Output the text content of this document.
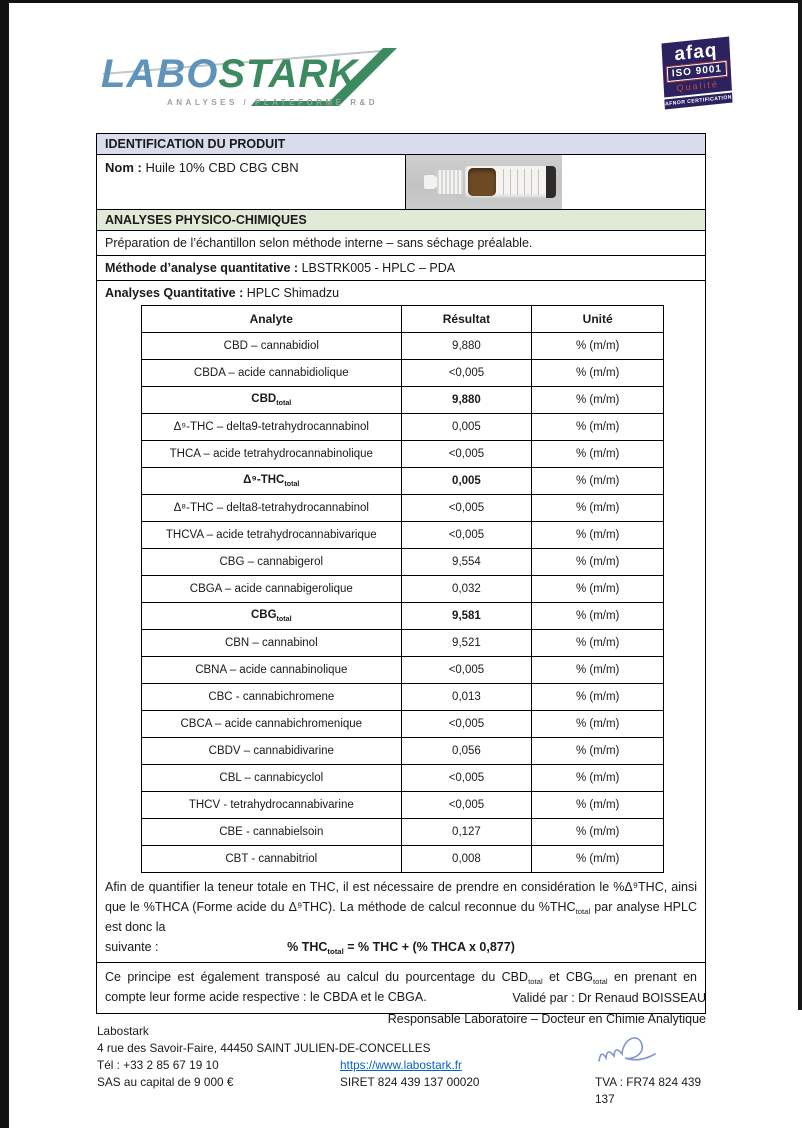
LABOSTARK
ANALYSES / PLATEFORME R&D
afaq
ISO 9001
Qualité
AFNOR CERTIFICATION
IDENTIFICATION DU PRODUIT
Nom : Huile 10% CBD CBG CBN
ANALYSES PHYSICO-CHIMIQUES
Préparation de l’échantillon selon méthode interne – sans séchage préalable.
Méthode d’analyse quantitative : LBSTRK005 - HPLC – PDA
Analyses Quantitative : HPLC Shimadzu
Analyte	Résultat	Unité
CBD – cannabidiol	9,880	% (m/m)
CBDA – acide cannabidiolique	<0,005	% (m/m)
$CBD_{total}$	9,880	% (m/m)
Δ⁹-THC – delta9-tetrahydrocannabinol	0,005	% (m/m)
THCA – acide tetrahydrocannabinolique	<0,005	% (m/m)
$\Delta^9-THC_{total}$	0,005	% (m/m)
Δ⁸-THC – delta8-tetrahydrocannabinol	<0,005	% (m/m)
THCVA – acide tetrahydrocannabivarique	<0,005	% (m/m)
CBG – cannabigerol	9,554	% (m/m)
CBGA – acide cannabigerolique	0,032	% (m/m)
$CBG_{total}$	9,581	% (m/m)
CBN – cannabinol	9,521	% (m/m)
CBNA – acide cannabinolique	<0,005	% (m/m)
CBC - cannabichromene	0,013	% (m/m)
CBCA – acide cannabichromenique	<0,005	% (m/m)
CBDV – cannabidivarine	0,056	% (m/m)
CBL – cannabicyclol	<0,005	% (m/m)
THCV - tetrahydrocannabivarine	<0,005	% (m/m)
CBE - cannabielsoin	0,127	% (m/m)
CBT - cannabitriol	0,008	% (m/m)
Afin de quantifier la teneur totale en THC, il est nécessaire de prendre en considération le %Δ⁹THC, ainsi que le %THCA (Forme acide du Δ⁹THC). La méthode de calcul reconnue du $\%THC_{total}$ par analyse HPLC est donc la
suivante :	% $THC_{total}$ = % THC + (% THCA x 0,877)
Ce principe est également transposé au calcul du pourcentage du $CBD_{total}$ et $CBG_{total}$ en prenant en compte leur forme acide respective : le CBDA et le CBGA.	Validé par : Dr Renaud BOISSEAU
Responsable Laboratoire – Docteur en Chimie Analytique
Labostark
4 rue des Savoir-Faire, 44450 SAINT JULIEN-DE-CONCELLES
Tél : +33 2 85 67 19 10	https://www.labostark.fr
SAS au capital de 9 000 €	SIRET 824 439 137 00020	TVA : FR74 824 439 137
